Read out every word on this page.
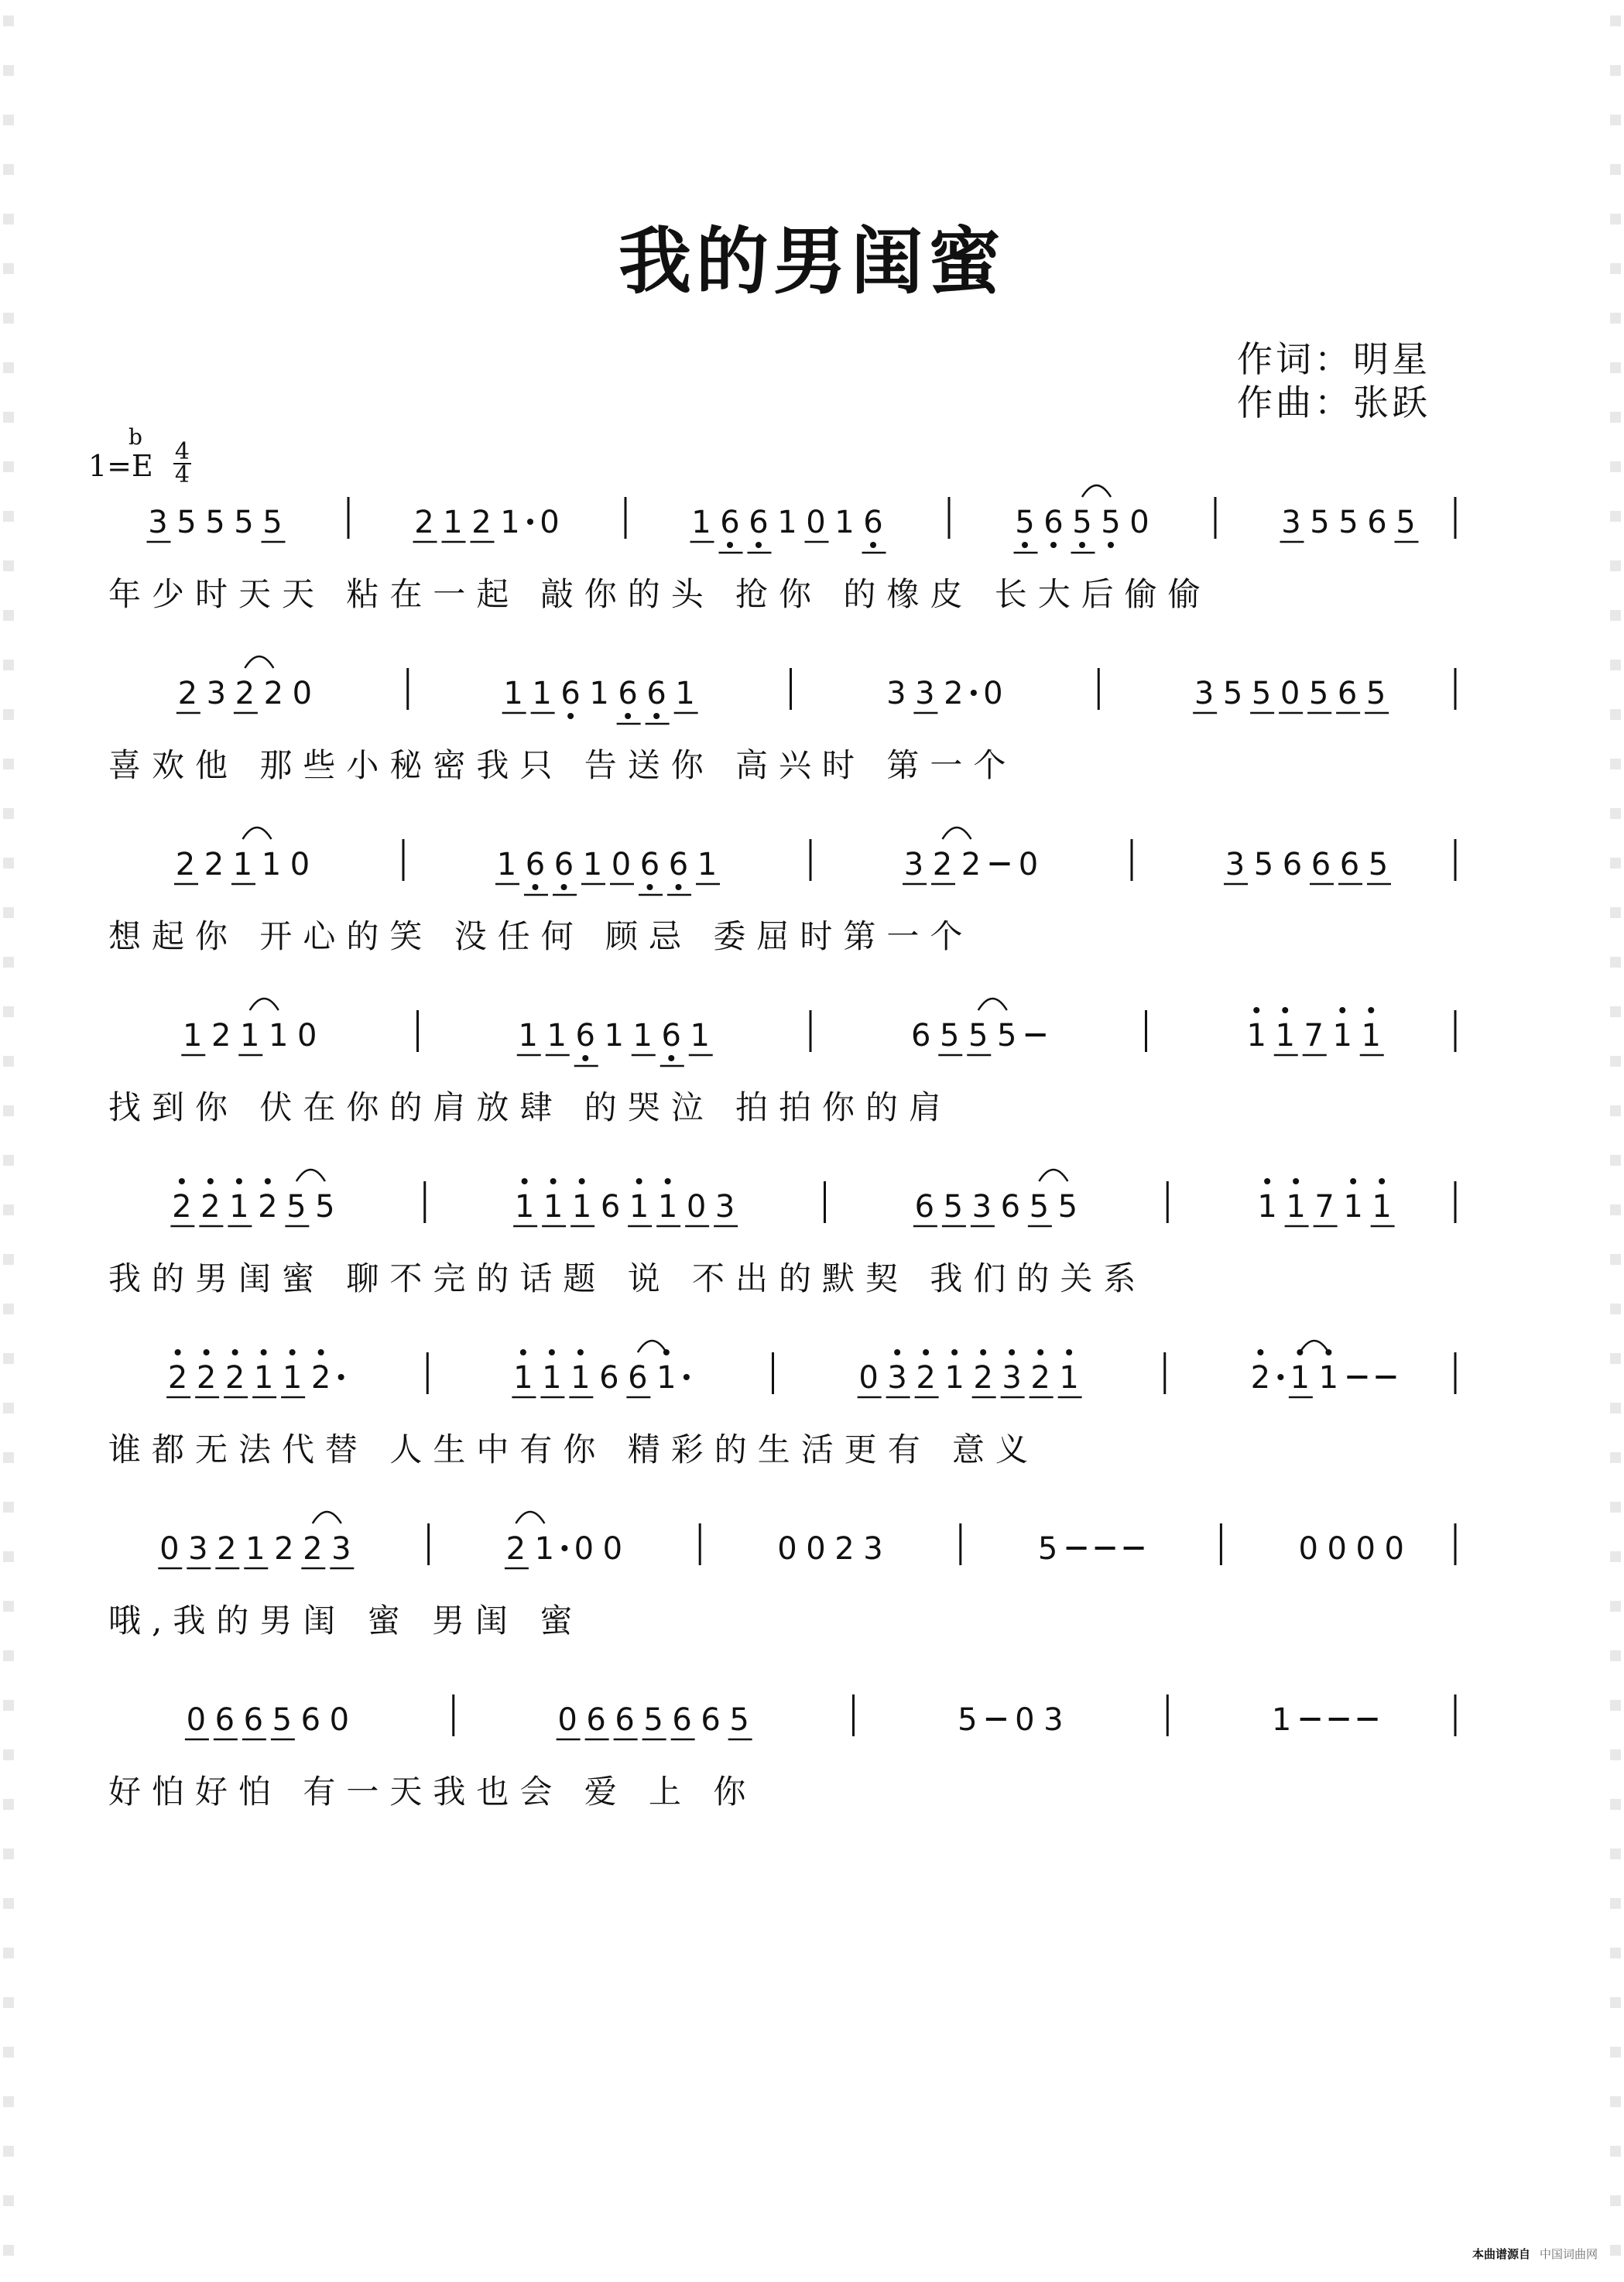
我的男闺蜜
作词：明星
作曲：张跃
1=
b
E $\frac{4}{4}$
3 5 5 5 5	2 1 2 1 0	1 6 6 1 0 1 6	5 6 5 5 0	3 5 5 6 5
年少时天天 粘在一起 敲你的头 抢你 的橡皮 长大后偷偷
2 3 2 2 0	1 1 6 1 6 6 1	3 3 2 0	3 5 5 0 5 6 5
喜欢他 那些小秘密我只 告送你 高兴时 第一个
2 2 1 1 0	1 6 6 1 0 6 6 1	3 2 2 0	3 5 6 6 6 5
想起你 开心的笑 没任何 顾忌 委屈时第一个
1 2 1 1 0	1 1 6 1 1 6 1	6 5 5 5	1 1 7 1 1
找到你 伏在你的肩放肆 的哭泣 拍拍你的肩
2 2 1 2 5 5	1 1 1 6 1 1 0 3	6 5 3 6 5 5	1 1 7 1 1
我的男闺蜜 聊不完的话题 说 不出的默契 我们的关系
2 2 2 1 1 2	1 1 1 6 6 1	0 3 2 1 2 3 2 1	2 1 1
谁都无法代替 人生中有你 精彩的生活更有 意义
0 3 2 1 2 2 3	2 1 0 0	0 0 2 3	5	0 0 0 0
哦,我的男闺 蜜 男闺 蜜
0 6 6 5 6 0	0 6 6 5 6 6 5	5 0 3	1
好怕好怕 有一天我也会 爱 上 你
本曲谱源自 中国词曲网
